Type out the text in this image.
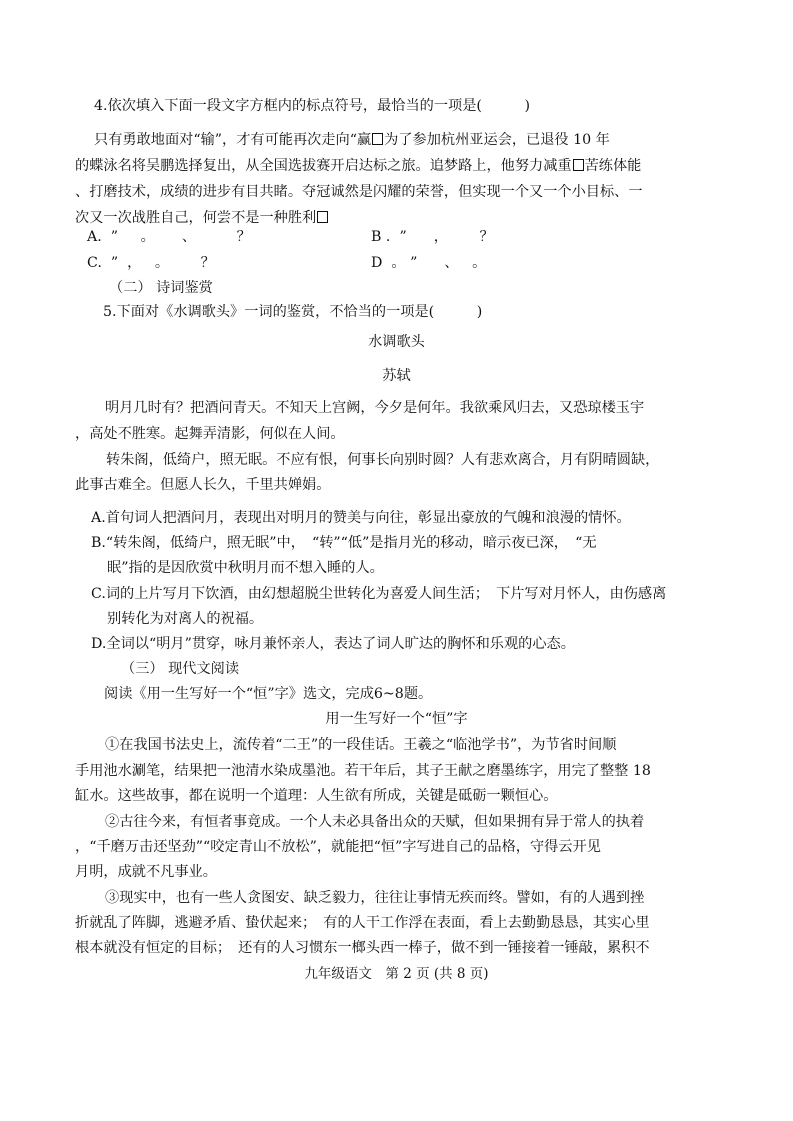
4.依次填入下面一段文字方框内的标点符号，最恰当的一项是(　　　)
只有勇敢地面对“输”，才有可能再次走向“赢 为了参加杭州亚运会，已退役 10 年
的蝶泳名将吴鹏选择复出，从全国选拔赛开启达标之旅。追梦路上，他努力减重 苦练体能
、打磨技术，成绩的进步有目共睹。夺冠诚然是闪耀的荣誉，但实现一个又一个小目标、一
次又一次战胜自己，何尝不是一种胜利
A.  ”     。      、         ？	B .  ”      ，       ？
C.  ”  ，   。       ？	D  。 ”      、   。
（二） 诗词鉴赏
5.下面对《水调歌头》一词的鉴赏，不恰当的一项是(　　　)
水调歌头
苏轼
明月几时有？把酒问青天。不知天上宫阙，今夕是何年。我欲乘风归去，又恐琼楼玉宇
，高处不胜寒。起舞弄清影，何似在人间。
转朱阁，低绮户，照无眠。不应有恨，何事长向别时圆？人有悲欢离合，月有阴晴圆缺，
此事古难全。但愿人长久，千里共婵娟。
A.首句词人把酒问月，表现出对明月的赞美与向往，彰显出豪放的气魄和浪漫的情怀。
B.“转朱阁，低绮户，照无眠”中，　“转”“低”是指月光的移动，暗示夜已深，　“无
眠”指的是因欣赏中秋明月而不想入睡的人。
C.词的上片写月下饮酒，由幻想超脱尘世转化为喜爱人间生活；　下片写对月怀人，由伤感离
别转化为对离人的祝福。
D.全词以“明月”贯穿，咏月兼怀亲人，表达了词人旷达的胸怀和乐观的心态。
（三） 现代文阅读
阅读《用一生写好一个“恒”字》选文，完成6~8题。
用一生写好一个“恒”字
①在我国书法史上，流传着“二王”的一段佳话。王羲之“临池学书”，为节省时间顺
手用池水涮笔，结果把一池清水染成墨池。若干年后，其子王献之磨墨练字，用完了整整 18
缸水。这些故事，都在说明一个道理：人生欲有所成，关键是砥砺一颗恒心。
②古往今来，有恒者事竟成。一个人未必具备出众的天赋，但如果拥有异于常人的执着
，“千磨万击还坚劲”“咬定青山不放松”，就能把“恒”字写进自己的品格，守得云开见
月明，成就不凡事业。
③现实中，也有一些人贪图安、缺乏毅力，往往让事情无疾而终。譬如，有的人遇到挫
折就乱了阵脚，逃避矛盾、蛰伏起来；　有的人干工作浮在表面，看上去勤勤恳恳，其实心里
根本就没有恒定的目标；　还有的人习惯东一榔头西一棒子，做不到一锤接着一锤敲，累积不
九年级语文　第 2 页 (共 8 页)
